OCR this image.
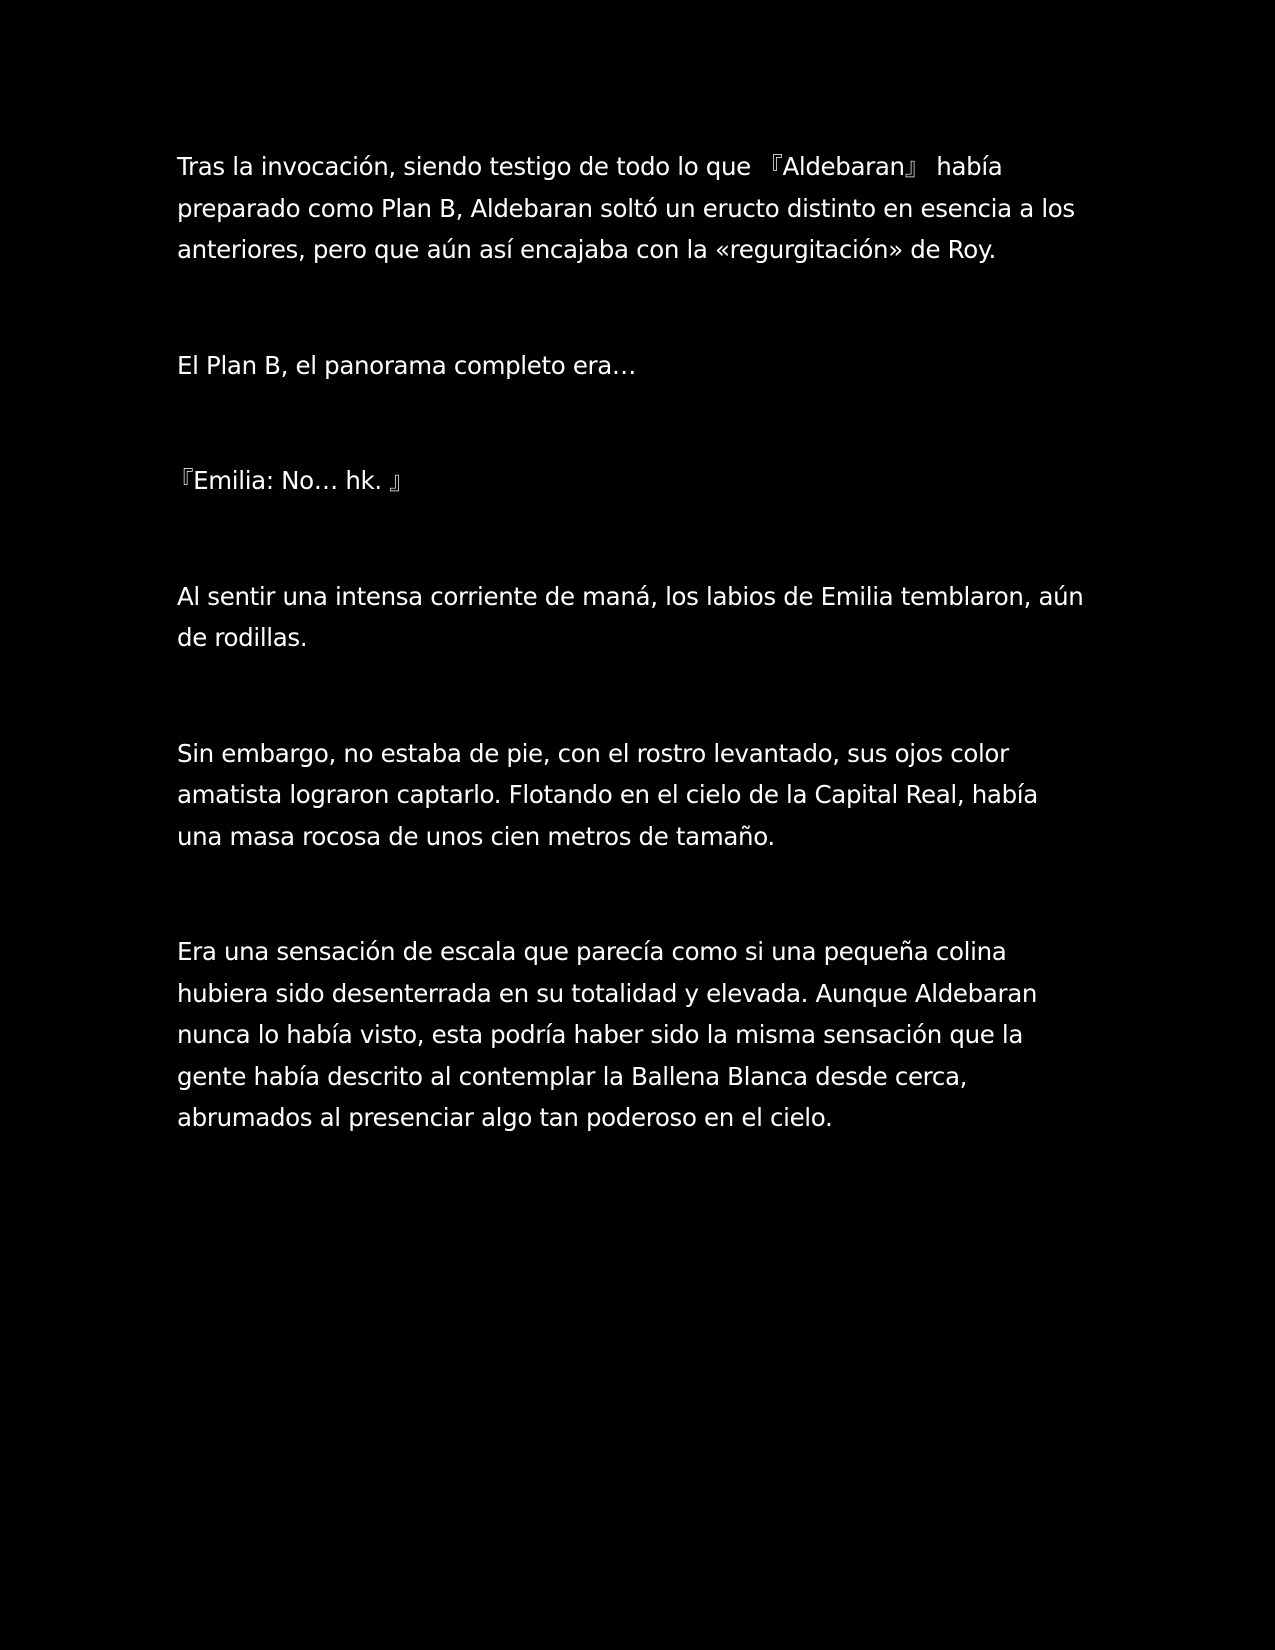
Tras la invocación, siendo testigo de todo lo que 『Aldebaran』 había preparado como Plan B, Aldebaran soltó un eructo distinto en esencia a los anteriores, pero que aún así encajaba con la «regurgitación» de Roy.

El Plan B, el panorama completo era…

『Emilia: No… hk. 』

Al sentir una intensa corriente de maná, los labios de Emilia temblaron, aún de rodillas.

Sin embargo, no estaba de pie, con el rostro levantado, sus ojos color amatista lograron captarlo. Flotando en el cielo de la Capital Real, había una masa rocosa de unos cien metros de tamaño.

Era una sensación de escala que parecía como si una pequeña colina hubiera sido desenterrada en su totalidad y elevada. Aunque Aldebaran nunca lo había visto, esta podría haber sido la misma sensación que la gente había descrito al contemplar la Ballena Blanca desde cerca, abrumados al presenciar algo tan poderoso en el cielo.
